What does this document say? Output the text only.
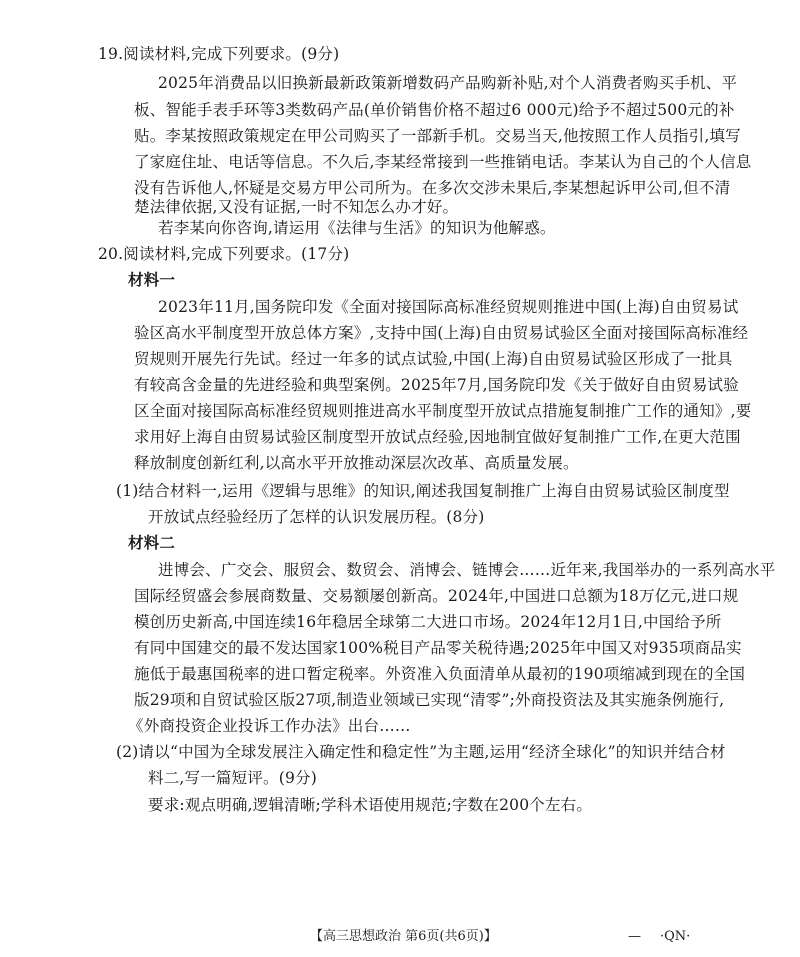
19.阅读材料,完成下列要求。(9分)
2025年消费品以旧换新最新政策新增数码产品购新补贴,对个人消费者购买手机、平
板、智能手表手环等3类数码产品(单价销售价格不超过6 000元)给予不超过500元的补
贴。李某按照政策规定在甲公司购买了一部新手机。交易当天,他按照工作人员指引,填写
了家庭住址、电话等信息。不久后,李某经常接到一些推销电话。李某认为自己的个人信息
没有告诉他人,怀疑是交易方甲公司所为。在多次交涉未果后,李某想起诉甲公司,但不清
楚法律依据,又没有证据,一时不知怎么办才好。
若李某向你咨询,请运用《法律与生活》的知识为他解惑。
20.阅读材料,完成下列要求。(17分)
材料一
2023年11月,国务院印发《全面对接国际高标准经贸规则推进中国(上海)自由贸易试
验区高水平制度型开放总体方案》,支持中国(上海)自由贸易试验区全面对接国际高标准经
贸规则开展先行先试。经过一年多的试点试验,中国(上海)自由贸易试验区形成了一批具
有较高含金量的先进经验和典型案例。2025年7月,国务院印发《关于做好自由贸易试验
区全面对接国际高标准经贸规则推进高水平制度型开放试点措施复制推广工作的通知》,要
求用好上海自由贸易试验区制度型开放试点经验,因地制宜做好复制推广工作,在更大范围
释放制度创新红利,以高水平开放推动深层次改革、高质量发展。
(1)结合材料一,运用《逻辑与思维》的知识,阐述我国复制推广上海自由贸易试验区制度型
开放试点经验经历了怎样的认识发展历程。(8分)
材料二
进博会、广交会、服贸会、数贸会、消博会、链博会……近年来,我国举办的一系列高水平
国际经贸盛会参展商数量、交易额屡创新高。2024年,中国进口总额为18万亿元,进口规
模创历史新高,中国连续16年稳居全球第二大进口市场。2024年12月1日,中国给予所
有同中国建交的最不发达国家100%税目产品零关税待遇;2025年中国又对935项商品实
施低于最惠国税率的进口暂定税率。外资准入负面清单从最初的190项缩减到现在的全国
版29项和自贸试验区版27项,制造业领域已实现“清零”;外商投资法及其实施条例施行,
《外商投资企业投诉工作办法》出台……
(2)请以“中国为全球发展注入确定性和稳定性”为主题,运用“经济全球化”的知识并结合材
料二,写一篇短评。(9分)
要求:观点明确,逻辑清晰;学科术语使用规范;字数在200个左右。
【高三思想政治 第6页(共6页)】	— ·QN·
